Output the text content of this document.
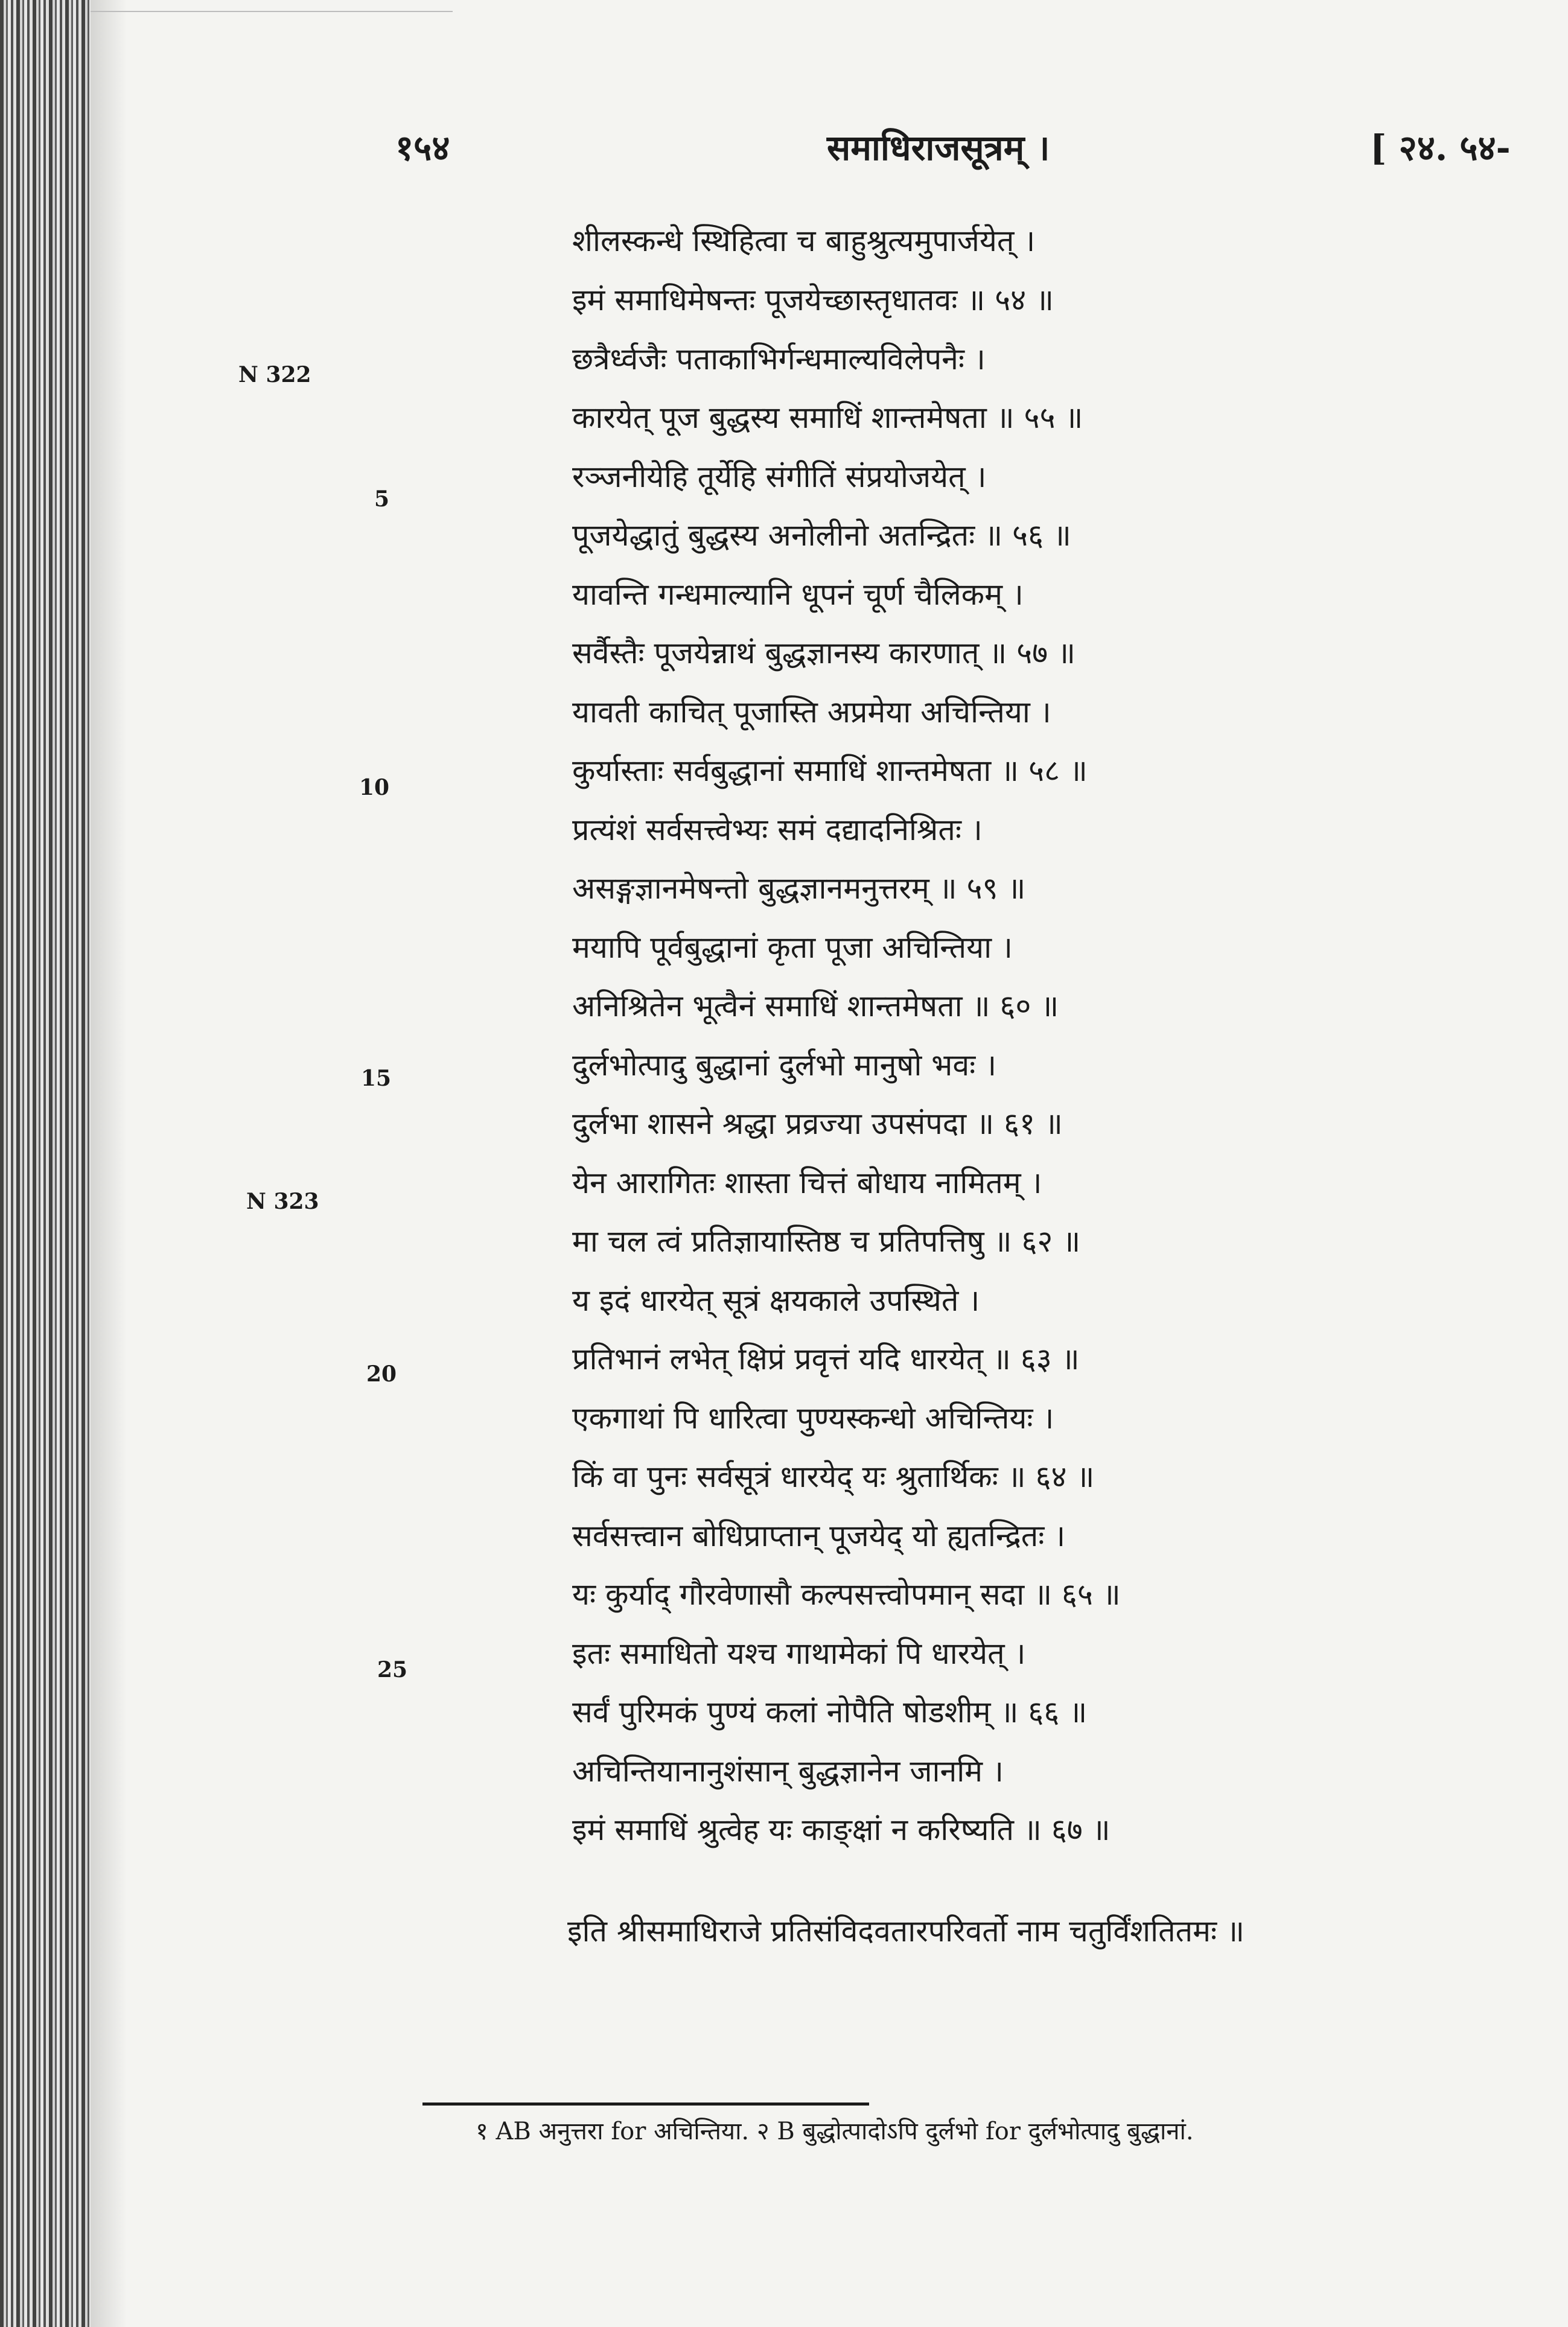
१५४	समाधिराजसूत्रम् ।	[ २४. ५४-
N 322
5
10
15
N 323
20
25
शीलस्कन्धे स्थिहित्वा च बाहुश्रुत्यमुपार्जयेत् ।
इमं समाधिमेषन्तः पूजयेच्छास्तृधातवः ॥ ५४ ॥
छत्रैर्ध्वजैः पताकाभिर्गन्धमाल्यविलेपनैः ।
कारयेत् पूज बुद्धस्य समाधिं शान्तमेषता ॥ ५५ ॥
रञ्जनीयेहि तूर्येहि संगीतिं संप्रयोजयेत् ।
पूजयेद्धातुं बुद्धस्य अनोलीनो अतन्द्रितः ॥ ५६ ॥
यावन्ति गन्धमाल्यानि धूपनं चूर्ण चैलिकम् ।
सर्वैस्तैः पूजयेन्नाथं बुद्धज्ञानस्य कारणात् ॥ ५७ ॥
यावती काचित् पूजास्ति अप्रमेया अचिन्तिया ।
कुर्यास्ताः सर्वबुद्धानां समाधिं शान्तमेषता ॥ ५८ ॥
प्रत्यंशं सर्वसत्त्वेभ्यः समं दद्यादनिश्रितः ।
असङ्गज्ञानमेषन्तो बुद्धज्ञानमनुत्तरम् ॥ ५९ ॥
मयापि पूर्वबुद्धानां कृता पूजा अचिन्तिया ।
अनिश्रितेन भूत्वैनं समाधिं शान्तमेषता ॥ ६० ॥
दुर्लभोत्पादु बुद्धानां दुर्लभो मानुषो भवः ।
दुर्लभा शासने श्रद्धा प्रव्रज्या उपसंपदा ॥ ६१ ॥
येन आरागितः शास्ता चित्तं बोधाय नामितम् ।
मा चल त्वं प्रतिज्ञायास्तिष्ठ च प्रतिपत्तिषु ॥ ६२ ॥
य इदं धारयेत् सूत्रं क्षयकाले उपस्थिते ।
प्रतिभानं लभेत् क्षिप्रं प्रवृत्तं यदि धारयेत् ॥ ६३ ॥
एकगाथां पि धारित्वा पुण्यस्कन्धो अचिन्तियः ।
किं वा पुनः सर्वसूत्रं धारयेद् यः श्रुतार्थिकः ॥ ६४ ॥
सर्वसत्त्वान बोधिप्राप्तान् पूजयेद् यो ह्यतन्द्रितः ।
यः कुर्याद् गौरवेणासौ कल्पसत्त्वोपमान् सदा ॥ ६५ ॥
इतः समाधितो यश्च गाथामेकां पि धारयेत् ।
सर्वं पुरिमकं पुण्यं कलां नोपैति षोडशीम् ॥ ६६ ॥
अचिन्तियानानुशंसान् बुद्धज्ञानेन जानमि ।
इमं समाधिं श्रुत्वेह यः काङ्क्षां न करिष्यति ॥ ६७ ॥
इति श्रीसमाधिराजे प्रतिसंविदवतारपरिवर्तो नाम चतुर्विंशतितमः ॥
१ AB अनुत्तरा for अचिन्तिया. २ B बुद्धोत्पादोऽपि दुर्लभो for दुर्लभोत्पादु बुद्धानां.
